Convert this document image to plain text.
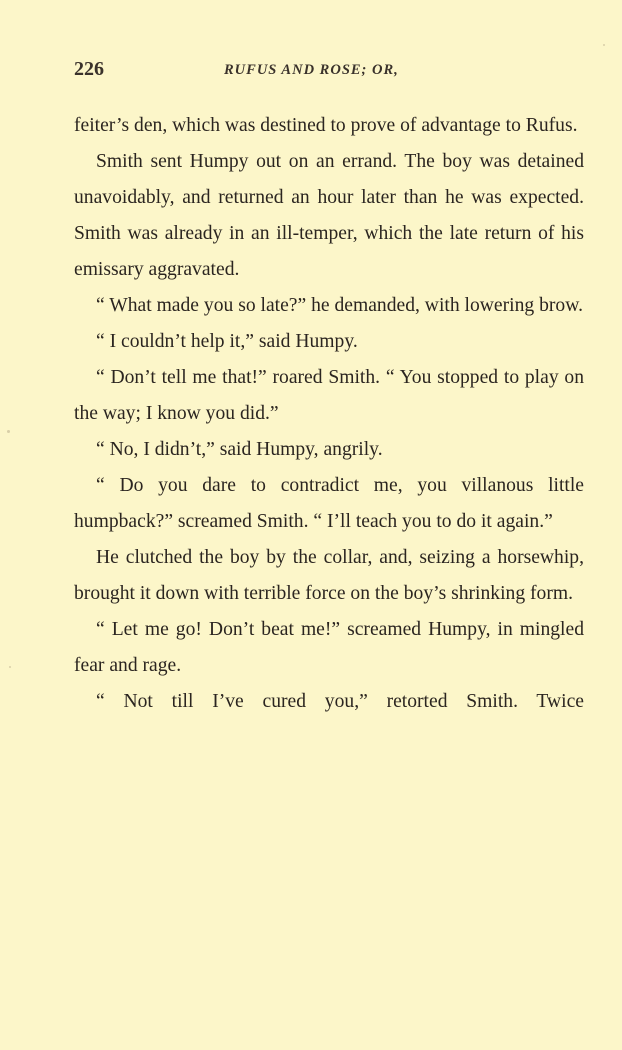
226	RUFUS AND ROSE; OR,

feiter’s den, which was destined to prove of advantage to Rufus.

Smith sent Humpy out on an errand. The boy was detained unavoidably, and returned an hour later than he was expected. Smith was already in an ill-temper, which the late return of his emissary aggravated.

“ What made you so late?” he demanded, with lowering brow.

“ I couldn’t help it,” said Humpy.

“ Don’t tell me that!” roared Smith. “ You stopped to play on the way; I know you did.”

“ No, I didn’t,” said Humpy, angrily.

“ Do you dare to contradict me, you villanous little humpback?” screamed Smith. “ I’ll teach you to do it again.”

He clutched the boy by the collar, and, seizing a horsewhip, brought it down with terrible force on the boy’s shrinking form.

“ Let me go! Don’t beat me!” screamed Humpy, in mingled fear and rage.

“ Not till I’ve cured you,” retorted Smith. Twice
